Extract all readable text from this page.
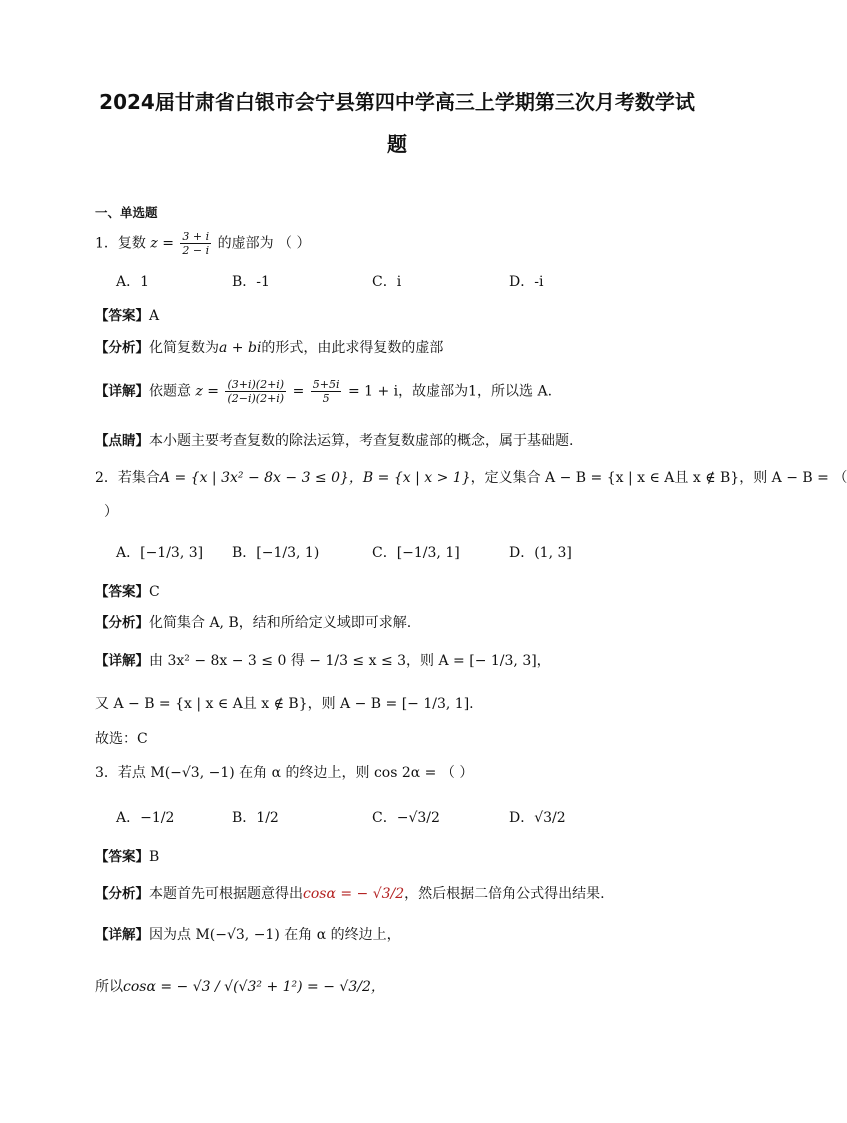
2024届甘肃省白银市会宁县第四中学高三上学期第三次月考数学试
题
一、单选题
1．复数 $z = \frac{3 + i}{2 - i}$ 的虚部为 （ ）
A．1	B．-1	C．i	D．-i
【答案】A
【分析】化简复数为a + bi的形式，由此求得复数的虚部
【详解】依题意 $z = \frac{(3+i)(2+i)}{(2-i)(2+i)} = \frac{5+5i}{5} = 1 + i$，故虚部为1，所以选 A.
【点睛】本小题主要考查复数的除法运算，考查复数虚部的概念，属于基础题.
2．若集合A = {x | 3x² − 8x − 3 ≤ 0}，B = {x | x > 1}，定义集合 A − B = {x | x ∈ A且 x ∉ B}，则 A − B = （
）
A．[−1/3, 3] B．[−1/3, 1)	C．[−1/3, 1]	D．(1, 3]
【答案】C
【分析】化简集合 A, B，结和所给定义域即可求解.
【详解】由 3x² − 8x − 3 ≤ 0 得 − 1/3 ≤ x ≤ 3，则 A = [− 1/3, 3]，
又 A − B = {x | x ∈ A且 x ∉ B}，则 A − B = [− 1/3, 1].
故选：C
3．若点 M(−√3, −1) 在角 α 的终边上，则 cos 2α = （ ）
A．−1/2	B．1/2	C．−√3/2	D．√3/2
【答案】B
【分析】本题首先可根据题意得出cosα = − √3/2，然后根据二倍角公式得出结果.
【详解】因为点 M(−√3, −1) 在角 α 的终边上，
所以cosα = − √3 / √(√3² + 1²) = − √3/2，
